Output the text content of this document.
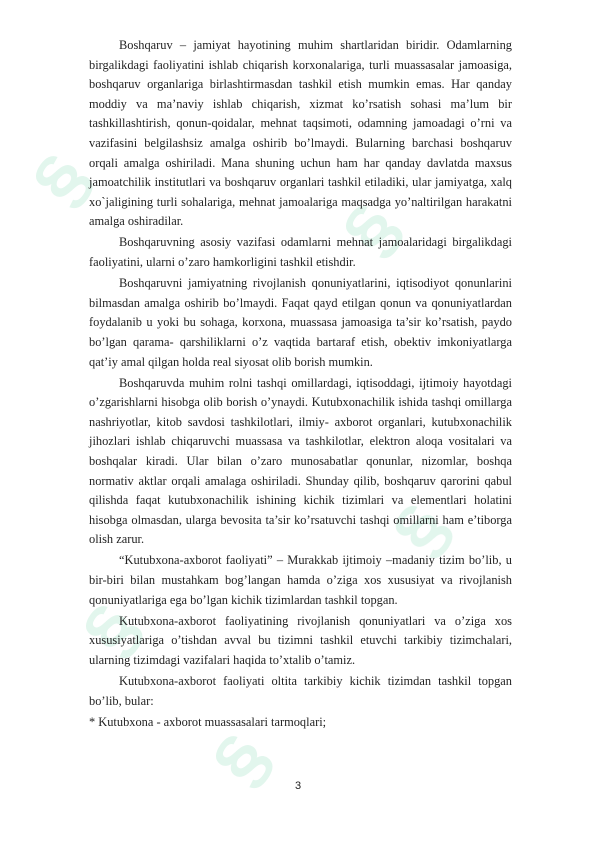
§
§
§
§
§

Boshqaruv – jamiyat hayotining muhim shartlaridan biridir. Odamlarning birgalikdagi faoliyatini ishlab chiqarish korxonalariga, turli muassasalar jamoasiga, boshqaruv organlariga birlashtirmasdan tashkil etish mumkin emas. Har qanday moddiy va ma’naviy ishlab chiqarish, xizmat ko’rsatish sohasi ma’lum bir tashkillashtirish, qonun-qoidalar, mehnat taqsimoti, odamning jamoadagi o’rni va vazifasini belgilashsiz amalga oshirib bo’lmaydi. Bularning barchasi boshqaruv orqali amalga oshiriladi. Mana shuning uchun ham har qanday davlatda maxsus jamoatchilik institutlari va boshqaruv organlari tashkil etiladiki, ular jamiyatga, xalq xo`jaligining turli sohalariga, mehnat jamoalariga maqsadga yo’naltirilgan harakatni amalga oshiradilar.

Boshqaruvning asosiy vazifasi odamlarni mehnat jamoalaridagi birgalikdagi faoliyatini, ularni o’zaro hamkorligini tashkil etishdir.

Boshqaruvni jamiyatning rivojlanish qonuniyatlarini, iqtisodiyot qonunlarini bilmasdan amalga oshirib bo’lmaydi. Faqat qayd etilgan qonun va qonuniyatlardan foydalanib u yoki bu sohaga, korxona, muassasa jamoasiga ta’sir ko’rsatish, paydo bo’lgan qarama- qarshiliklarni o’z vaqtida bartaraf etish, obektiv imkoniyatlarga qat’iy amal qilgan holda real siyosat olib borish mumkin.

Boshqaruvda muhim rolni tashqi omillardagi, iqtisoddagi, ijtimoiy hayotdagi o’zgarishlarni hisobga olib borish o’ynaydi. Kutubxonachilik ishida tashqi omillarga nashriyotlar, kitob savdosi tashkilotlari, ilmiy- axborot organlari, kutubxonachilik jihozlari ishlab chiqaruvchi muassasa va tashkilotlar, elektron aloqa vositalari va boshqalar kiradi. Ular bilan o’zaro munosabatlar qonunlar, nizomlar, boshqa normativ aktlar orqali amalaga oshiriladi. Shunday qilib, boshqaruv qarorini qabul qilishda faqat kutubxonachilik ishining kichik tizimlari va elementlari holatini hisobga olmasdan, ularga bevosita ta’sir ko’rsatuvchi tashqi omillarni ham e’tiborga olish zarur.

“Kutubxona-axborot faoliyati” – Murakkab ijtimoiy –madaniy tizim bo’lib, u bir-biri bilan mustahkam bog’langan hamda o’ziga xos xususiyat va rivojlanish qonuniyatlariga ega bo’lgan kichik tizimlardan tashkil topgan.

Kutubxona-axborot faoliyatining rivojlanish qonuniyatlari va o’ziga xos xususiyatlariga o’tishdan avval bu tizimni tashkil etuvchi tarkibiy tizimchalari, ularning tizimdagi vazifalari haqida to’xtalib o’tamiz.

Kutubxona-axborot faoliyati oltita tarkibiy kichik tizimdan tashkil topgan bo’lib, bular:

* Kutubxona - axborot muassasalari tarmoqlari;

3
